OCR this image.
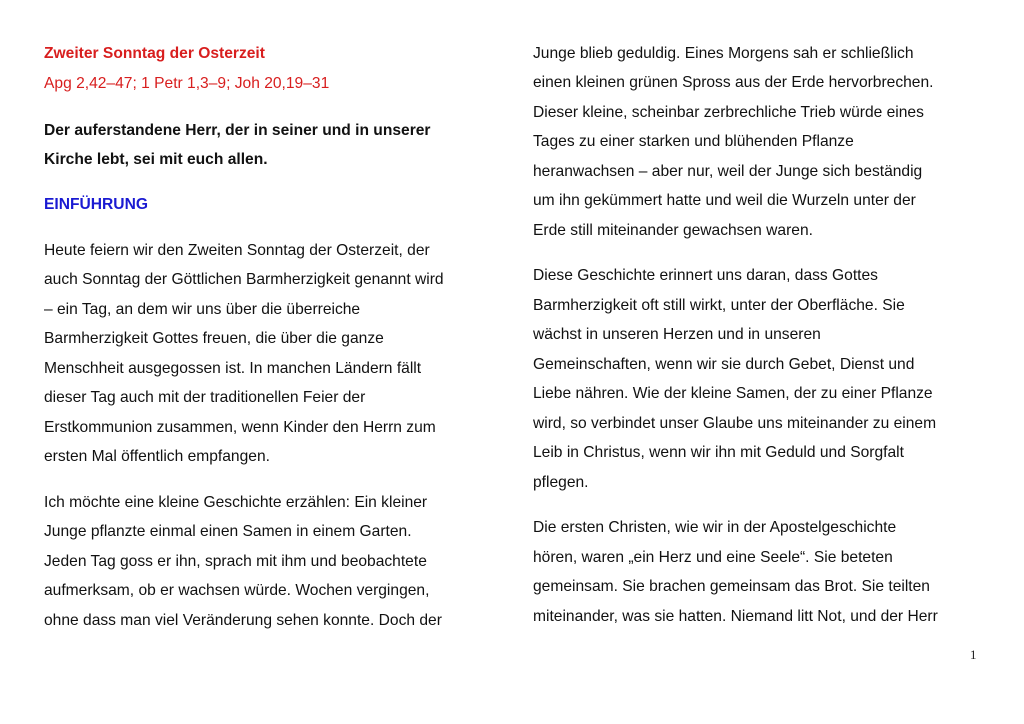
Zweiter Sonntag der Osterzeit
Apg 2,42–47; 1 Petr 1,3–9; Joh 20,19–31
Der auferstandene Herr, der in seiner und in unserer
Kirche lebt, sei mit euch allen.
EINFÜHRUNG
Heute feiern wir den Zweiten Sonntag der Osterzeit, der
auch Sonntag der Göttlichen Barmherzigkeit genannt wird
– ein Tag, an dem wir uns über die überreiche
Barmherzigkeit Gottes freuen, die über die ganze
Menschheit ausgegossen ist. In manchen Ländern fällt
dieser Tag auch mit der traditionellen Feier der
Erstkommunion zusammen, wenn Kinder den Herrn zum
ersten Mal öffentlich empfangen.
Ich möchte eine kleine Geschichte erzählen: Ein kleiner
Junge pflanzte einmal einen Samen in einem Garten.
Jeden Tag goss er ihn, sprach mit ihm und beobachtete
aufmerksam, ob er wachsen würde. Wochen vergingen,
ohne dass man viel Veränderung sehen konnte. Doch der
Junge blieb geduldig. Eines Morgens sah er schließlich
einen kleinen grünen Spross aus der Erde hervorbrechen.
Dieser kleine, scheinbar zerbrechliche Trieb würde eines
Tages zu einer starken und blühenden Pflanze
heranwachsen – aber nur, weil der Junge sich beständig
um ihn gekümmert hatte und weil die Wurzeln unter der
Erde still miteinander gewachsen waren.
Diese Geschichte erinnert uns daran, dass Gottes
Barmherzigkeit oft still wirkt, unter der Oberfläche. Sie
wächst in unseren Herzen und in unseren
Gemeinschaften, wenn wir sie durch Gebet, Dienst und
Liebe nähren. Wie der kleine Samen, der zu einer Pflanze
wird, so verbindet unser Glaube uns miteinander zu einem
Leib in Christus, wenn wir ihn mit Geduld und Sorgfalt
pflegen.
Die ersten Christen, wie wir in der Apostelgeschichte
hören, waren „ein Herz und eine Seele“. Sie beteten
gemeinsam. Sie brachen gemeinsam das Brot. Sie teilten
miteinander, was sie hatten. Niemand litt Not, und der Herr
1
